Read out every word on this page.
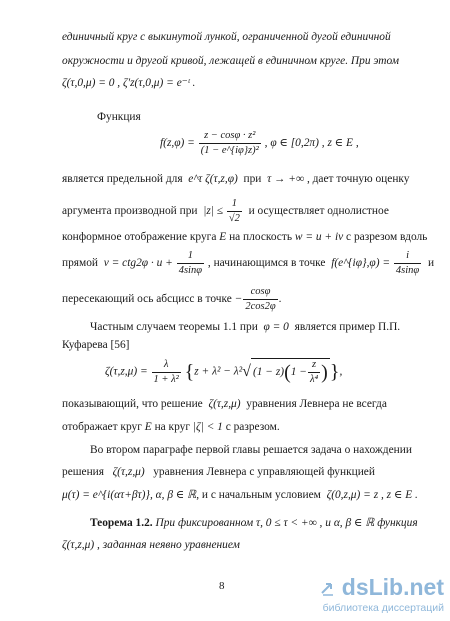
единичный круг с выкинутой лункой, ограниченной дугой единичной
окружности и другой кривой, лежащей в единичном круге. При этом
ζ(τ,0,μ) = 0 , ζ′z(τ,0,μ) = e⁻ᵗ .
Функция
$f(z,\varphi) = \frac{\text{z − cosφ · z²}}{\text{(1 − e\textasciicircum{}\{iφ\}z)²}}$ , φ ∈ [0,2π) , z ∈ E ,
является предельной для e^τ ζ(τ,z,φ) при τ → +∞ , дает точную оценку
аргумента производной при $|z| \le \frac{1}{√2}$ и осуществляет однолистное
конформное отображение круга E на плоскость w = u + iv с разрезом вдоль
прямой $v = ctg2\varphi \cdot u + \frac{1}{4\sin\varphi}$ , начинающимся в точке f(e^{iφ},φ) = $\frac{i}{4\sin\varphi}$ и
пересекающий ось абсцисс в точке − $\frac{\cos\varphi}{2\cos 2\varphi}$ .
Частным случаем теоремы 1.1 при φ = 0 является пример П.П.
Куфарева [56]
$\zeta(\tau,z,\mu) = \frac{\lambda}{\text{1 + λ²}} \{z + \lambda^2 - \lambda^2√$ $(1 - z)(1 - \frac{z}{\text{λ⁴}}$ ) },
показывающий, что решение ζ(τ,z,μ) уравнения Левнера не всегда
отображает круг E на круг |ζ| < 1 с разрезом.
Во втором параграфе первой главы решается задача о нахождении
решения ζ(τ,z,μ) уравнения Левнера с управляющей функцией
μ(τ) = e^{i(ατ+βτ)}, α, β ∈ ℝ, и с начальным условием ζ(0,z,μ) = z , z ∈ E .
Теорема 1.2. При фиксированном τ, 0 ≤ τ < +∞ , и α, β ∈ ℝ функция
ζ(τ,z,μ) , заданная неявно уравнением
8	dsLib.net
библиотека диссертаций
